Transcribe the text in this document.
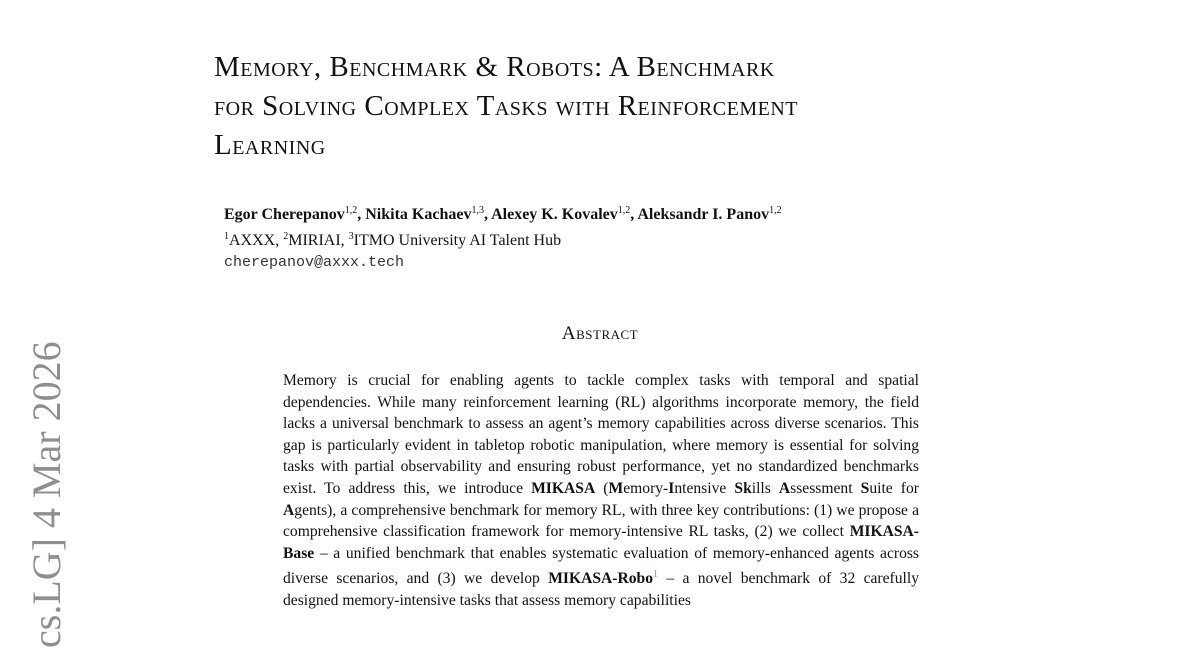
cs.LG] 4 Mar 2026
Memory, Benchmark & Robots: A Benchmark
for Solving Complex Tasks with Reinforcement
Learning
Egor Cherepanov$^{1,2}$, Nikita Kachaev$^{1,3}$, Alexey K. Kovalev$^{1,2}$, Aleksandr I. Panov$^{1,2}$
$^1$AXXX, $^2$MIRIAI, $^3$ITMO University AI Talent Hub
cherepanov@axxx.tech
Abstract

Memory is crucial for enabling agents to tackle complex tasks with temporal and spatial dependencies. While many reinforcement learning (RL) algorithms incorporate memory, the field lacks a universal benchmark to assess an agent’s memory capabilities across diverse scenarios. This gap is particularly evident in tabletop robotic manipulation, where memory is essential for solving tasks with partial observability and ensuring robust performance, yet no standardized benchmarks exist. To address this, we introduce MIKASA (Memory-Intensive Skills Assessment Suite for Agents), a comprehensive benchmark for memory RL, with three key contributions: (1) we propose a comprehensive classification framework for memory-intensive RL tasks, (2) we collect MIKASA-Base – a unified benchmark that enables systematic evaluation of memory-enhanced agents across diverse scenarios, and (3) we develop MIKASA-Robo$^1$ – a novel benchmark of 32 carefully designed memory-intensive tasks that assess memory capabilities
